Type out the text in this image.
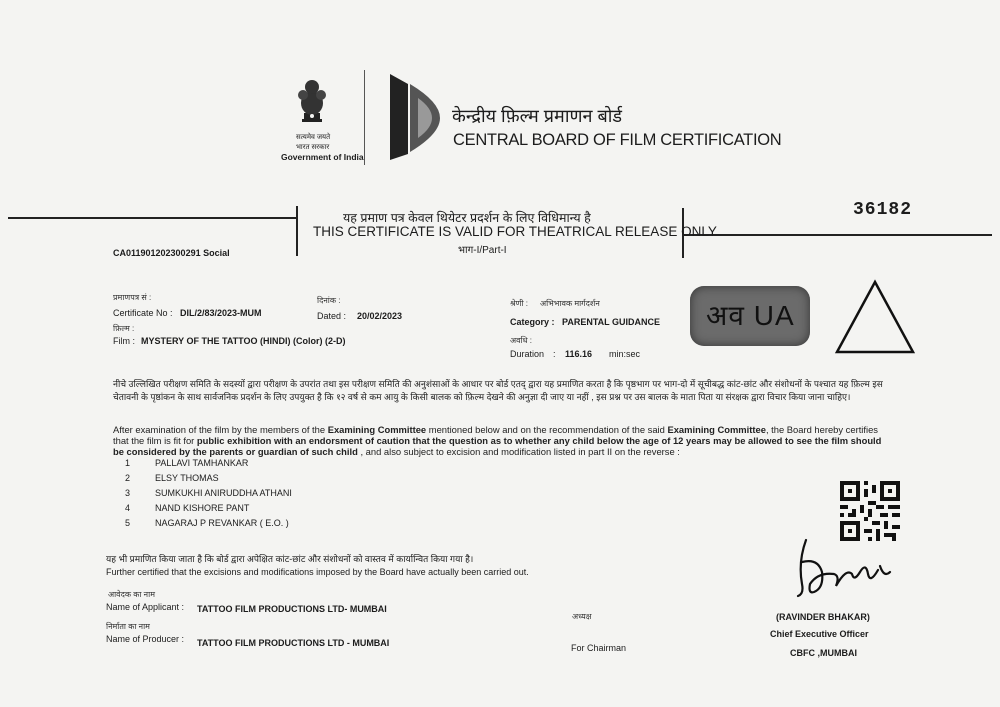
सत्यमेव जयते
भारत सरकार
Government of India
केन्द्रीय फ़िल्म प्रमाणन बोर्ड
CENTRAL BOARD OF FILM CERTIFICATION
यह प्रमाण पत्र केवल थियेटर प्रदर्शन के लिए विधिमान्य है
THIS CERTIFICATE IS VALID FOR THEATRICAL RELEASE ONLY
भाग-I/Part-I
36182
CA011901202300291 Social
प्रमाणपत्र सं :
Certificate No : DIL/2/83/2023-MUM
दिनांक :
Dated : 20/02/2023
श्रेणी : अभिभावक मार्गदर्शन
Category : PARENTAL GUIDANCE
फ़िल्म :
Film : MYSTERY OF THE TATTOO (HINDI) (Color) (2-D)	अवधि :
Duration : 116.16 min:sec
अव UA
नीचे उल्लिखित परीक्षण समिति के सदस्यों द्वारा परीक्षण के उपरांत तथा इस परीक्षण समिति की अनुशंसाओं के आधार पर बोर्ड एतद् द्वारा यह प्रमाणित करता है कि पृष्ठभाग पर भाग-दो में सूचीबद्ध कांट-छांट और संशोधनों के पश्चात यह फ़िल्म इस चेतावनी के पृष्ठांकन के साथ सार्वजनिक प्रदर्शन के लिए उपयुक्त है कि १२ वर्ष से कम आयु के किसी बालक को फ़िल्म देखने की अनुज्ञा दी जाए या नहीं , इस प्रश्न पर उस बालक के माता पिता या संरक्षक द्वारा विचार किया जाना चाहिए।
After examination of the film by the members of the Examining Committee mentioned below and on the recommendation of the said Examining Committee, the Board hereby certifies that the film is fit for public exhibition with an endorsment of caution that the question as to whether any child below the age of 12 years may be allowed to see the film should be considered by the parents or guardian of such child , and also subject to excision and modification listed in part II on the reverse :
1	PALLAVI TAMHANKAR
2	ELSY THOMAS
3	SUMKUKHI ANIRUDDHA ATHANI
4	NAND KISHORE PANT
5	NAGARAJ P REVANKAR ( E.O. )
यह भी प्रमाणित किया जाता है कि बोर्ड द्वारा अपेक्षित कांट-छांट और संशोधनों को वास्तव में कार्यान्वित किया गया है।
Further certified that the excisions and modifications imposed by the Board have actually been carried out.
आवेदक का नाम
Name of Applicant : TATTOO FILM PRODUCTIONS LTD- MUMBAI
निर्माता का नाम
Name of Producer : TATTOO FILM PRODUCTIONS LTD - MUMBAI
अध्यक्ष
For Chairman
(RAVINDER BHAKAR)
Chief Executive Officer
CBFC ,MUMBAI
